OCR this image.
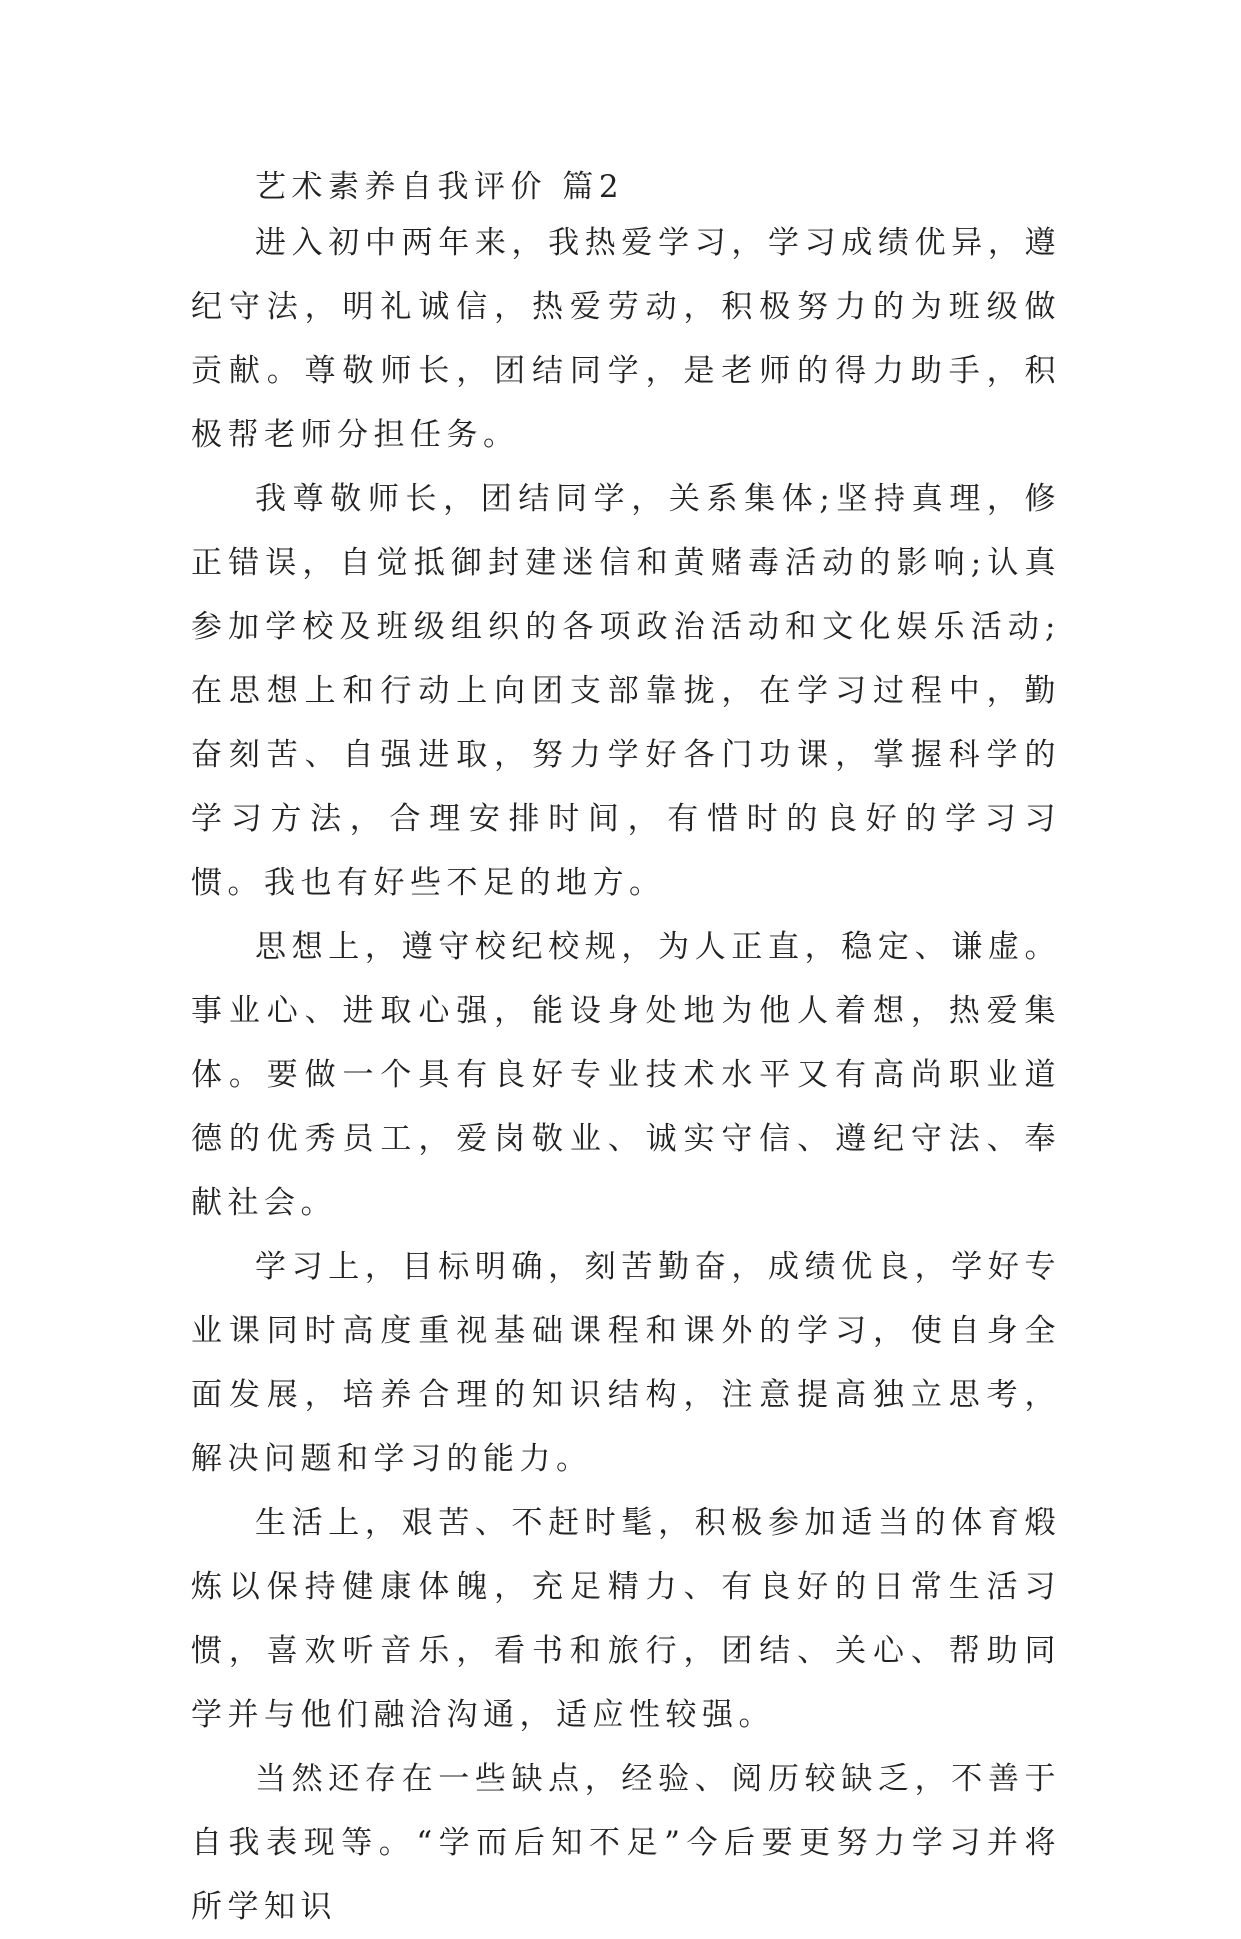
艺术素养自我评价 篇2

进入初中两年来，我热爱学习，学习成绩优异，遵纪守法，明礼诚信，热爱劳动，积极努力的为班级做贡献。尊敬师长，团结同学，是老师的得力助手，积极帮老师分担任务。

我尊敬师长，团结同学，关系集体;坚持真理，修正错误，自觉抵御封建迷信和黄赌毒活动的影响;认真参加学校及班级组织的各项政治活动和文化娱乐活动;在思想上和行动上向团支部靠拢，在学习过程中，勤奋刻苦、自强进取，努力学好各门功课，掌握科学的学习方法，合理安排时间，有惜时的良好的学习习惯。我也有好些不足的地方。

思想上，遵守校纪校规，为人正直，稳定、谦虚。事业心、进取心强，能设身处地为他人着想，热爱集体。要做一个具有良好专业技术水平又有高尚职业道德的优秀员工，爱岗敬业、诚实守信、遵纪守法、奉献社会。

学习上，目标明确，刻苦勤奋，成绩优良，学好专业课同时高度重视基础课程和课外的学习，使自身全面发展，培养合理的知识结构，注意提高独立思考，解决问题和学习的能力。

生活上，艰苦、不赶时髦，积极参加适当的体育煅炼以保持健康体魄，充足精力、有良好的日常生活习惯，喜欢听音乐，看书和旅行，团结、关心、帮助同学并与他们融洽沟通，适应性较强。

当然还存在一些缺点，经验、阅历较缺乏，不善于自我表现等。“学而后知不足”今后要更努力学习并将所学知识
